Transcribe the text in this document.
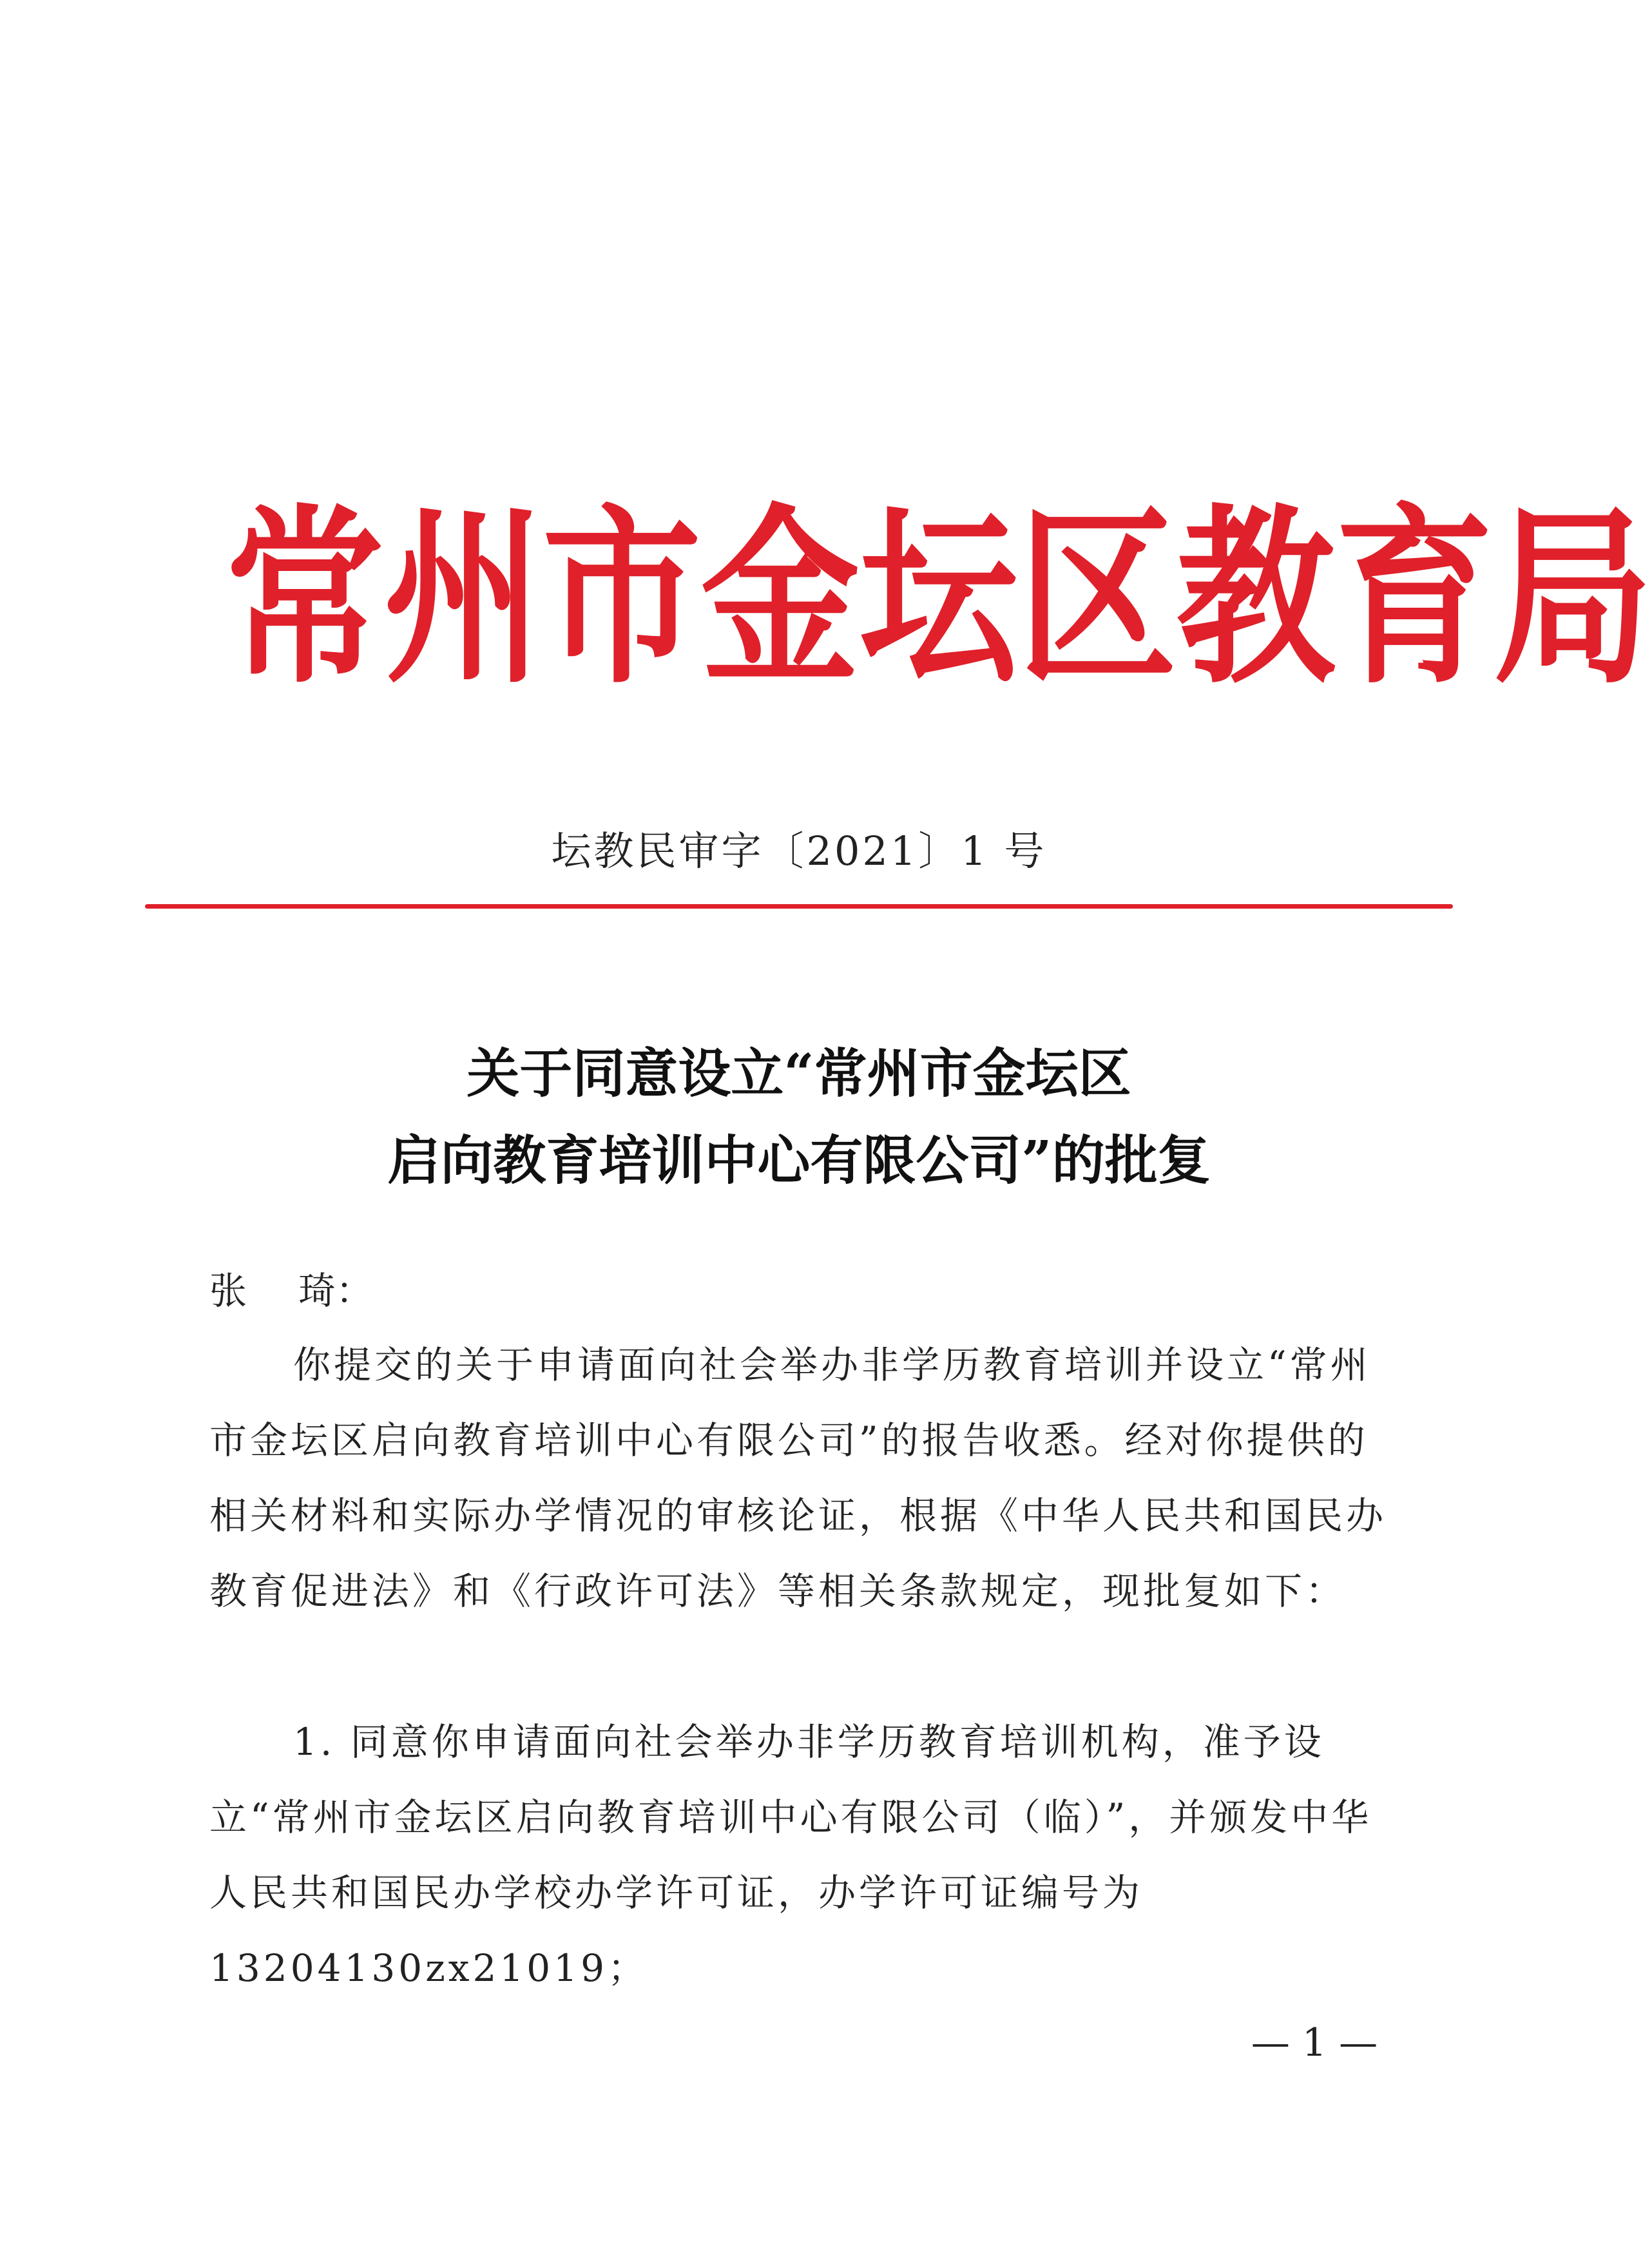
常 州 市 金 坛 区 教 育 局
坛教民审字〔2021〕1 号
关于同意设立“常州市金坛区
启向教育培训中心有限公司”的批复
张 琦：
你提交的关于申请面向社会举办非学历教育培训并设立“常州市金坛区启向教育培训中心有限公司”的报告收悉。经对你提供的相关材料和实际办学情况的审核论证，根据《中华人民共和国民办教育促进法》和《行政许可法》等相关条款规定，现批复如下：
1. 同意你申请面向社会举办非学历教育培训机构，准予设立“常州市金坛区启向教育培训中心有限公司（临）”，并颁发中华人民共和国民办学校办学许可证，办学许可证编号为13204130zx21019；
— 1 —
